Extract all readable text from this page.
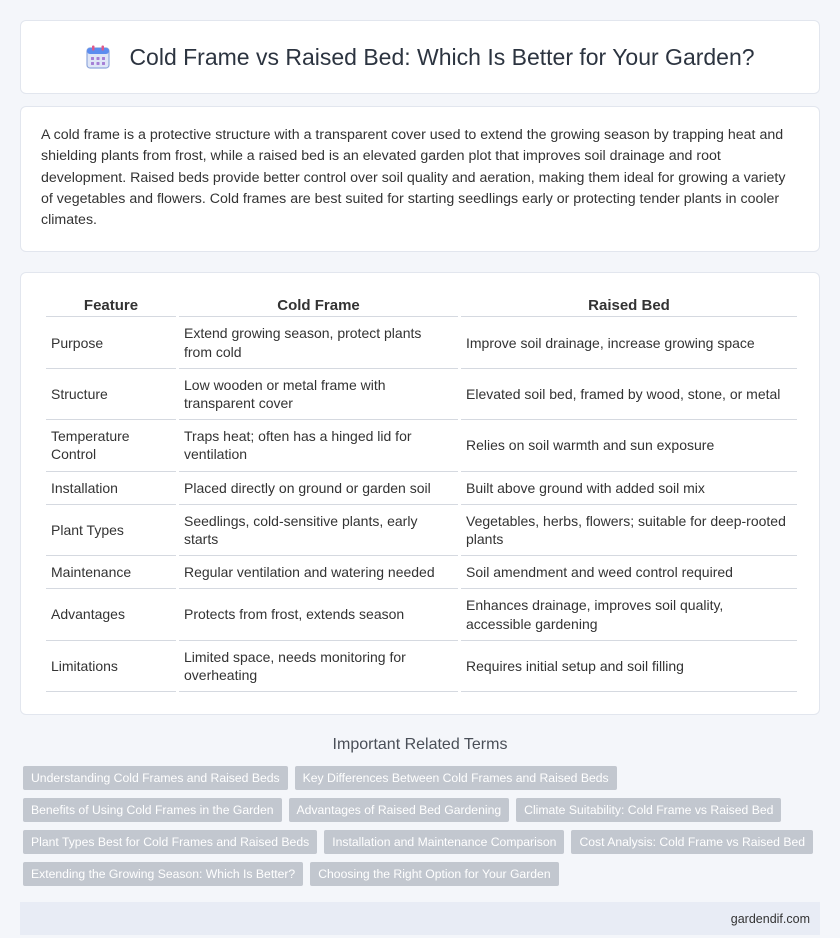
Cold Frame vs Raised Bed: Which Is Better for Your Garden?

A cold frame is a protective structure with a transparent cover used to extend the growing season by trapping heat and shielding plants from frost, while a raised bed is an elevated garden plot that improves soil drainage and root development. Raised beds provide better control over soil quality and aeration, making them ideal for growing a variety of vegetables and flowers. Cold frames are best suited for starting seedlings early or protecting tender plants in cooler climates.

Feature	Cold Frame	Raised Bed
Purpose	Extend growing season, protect plants from cold	Improve soil drainage, increase growing space
Structure	Low wooden or metal frame with transparent cover	Elevated soil bed, framed by wood, stone, or metal
Temperature Control	Traps heat; often has a hinged lid for ventilation	Relies on soil warmth and sun exposure
Installation	Placed directly on ground or garden soil	Built above ground with added soil mix
Plant Types	Seedlings, cold-sensitive plants, early starts	Vegetables, herbs, flowers; suitable for deep-rooted plants
Maintenance	Regular ventilation and watering needed	Soil amendment and weed control required
Advantages	Protects from frost, extends season	Enhances drainage, improves soil quality, accessible gardening
Limitations	Limited space, needs monitoring for overheating	Requires initial setup and soil filling
Important Related Terms
Understanding Cold Frames and Raised Beds	Key Differences Between Cold Frames and Raised Beds
Benefits of Using Cold Frames in the Garden	Advantages of Raised Bed Gardening	Climate Suitability: Cold Frame vs Raised Bed
Plant Types Best for Cold Frames and Raised Beds	Installation and Maintenance Comparison	Cost Analysis: Cold Frame vs Raised Bed
Extending the Growing Season: Which Is Better?	Choosing the Right Option for Your Garden
gardendif.com
